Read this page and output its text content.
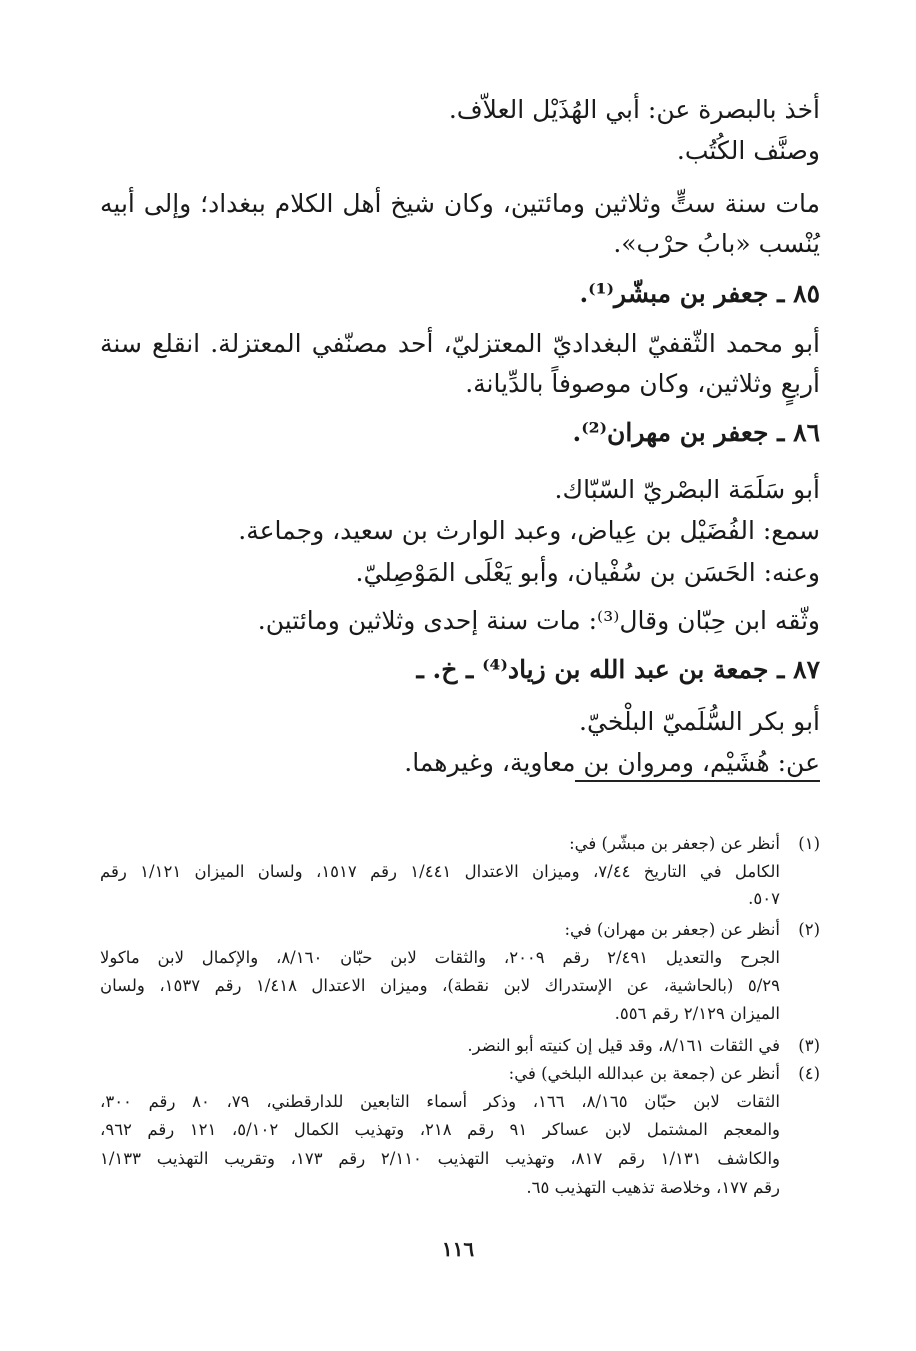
أخذ بالبصرة عن: أبي الهُذَيْل العلاّف.
وصنَّف الكُتُب.
مات سنة ستٍّ وثلاثين ومائتين، وكان شيخ أهل الكلام ببغداد؛ وإلى أبيه
يُنْسب «بابُ حرْب».
٨٥ ـ جعفر بن مبشّر⁽¹⁾.
أبو محمد الثّقفيّ البغداديّ المعتزليّ، أحد مصنّفي المعتزلة. انقلع سنة
أربعٍ وثلاثين، وكان موصوفاً بالدِّيانة.
٨٦ ـ جعفر بن مهران⁽²⁾.
أبو سَلَمَة البصْريّ السّبّاك.
سمع: الفُضَيْل بن عِياض، وعبد الوارث بن سعيد، وجماعة.
وعنه: الحَسَن بن سُفْيان، وأبو يَعْلَى المَوْصِليّ.
وثّقه ابن حِبّان وقال⁽³⁾: مات سنة إحدى وثلاثين ومائتين.
٨٧ ـ جمعة بن عبد الله بن زياد⁽⁴⁾ ـ خ. ـ
أبو بكر السُّلَميّ البلْخيّ.
عن: هُشَيْم، ومروان بن معاوية، وغيرهما.
(١)أنظر عن (جعفر بن مبشّر) في:
الكامل في التاريخ ٧/٤٤، وميزان الاعتدال ١/٤٤١ رقم ١٥١٧، ولسان الميزان ١/١٢١ رقم
٥٠٧.
(٢)أنظر عن (جعفر بن مهران) في:
الجرح والتعديل ٢/٤٩١ رقم ٢٠٠٩، والثقات لابن حبّان ٨/١٦٠، والإكمال لابن ماكولا
٥/٢٩ (بالحاشية، عن الإستدراك لابن نقطة)، وميزان الاعتدال ١/٤١٨ رقم ١٥٣٧، ولسان
الميزان ٢/١٢٩ رقم ٥٥٦.
(٣)في الثقات ٨/١٦١، وقد قيل إن كنيته أبو النضر.
(٤)أنظر عن (جمعة بن عبدالله البلخي) في:
الثقات لابن حبّان ٨/١٦٥، ١٦٦، وذكر أسماء التابعين للدارقطني، ٧٩، ٨٠ رقم ٣٠٠،
والمعجم المشتمل لابن عساكر ٩١ رقم ٢١٨، وتهذيب الكمال ٥/١٠٢، ١٢١ رقم ٩٦٢،
والكاشف ١/١٣١ رقم ٨١٧، وتهذيب التهذيب ٢/١١٠ رقم ١٧٣، وتقريب التهذيب ١/١٣٣
رقم ١٧٧، وخلاصة تذهيب التهذيب ٦٥.
١١٦
